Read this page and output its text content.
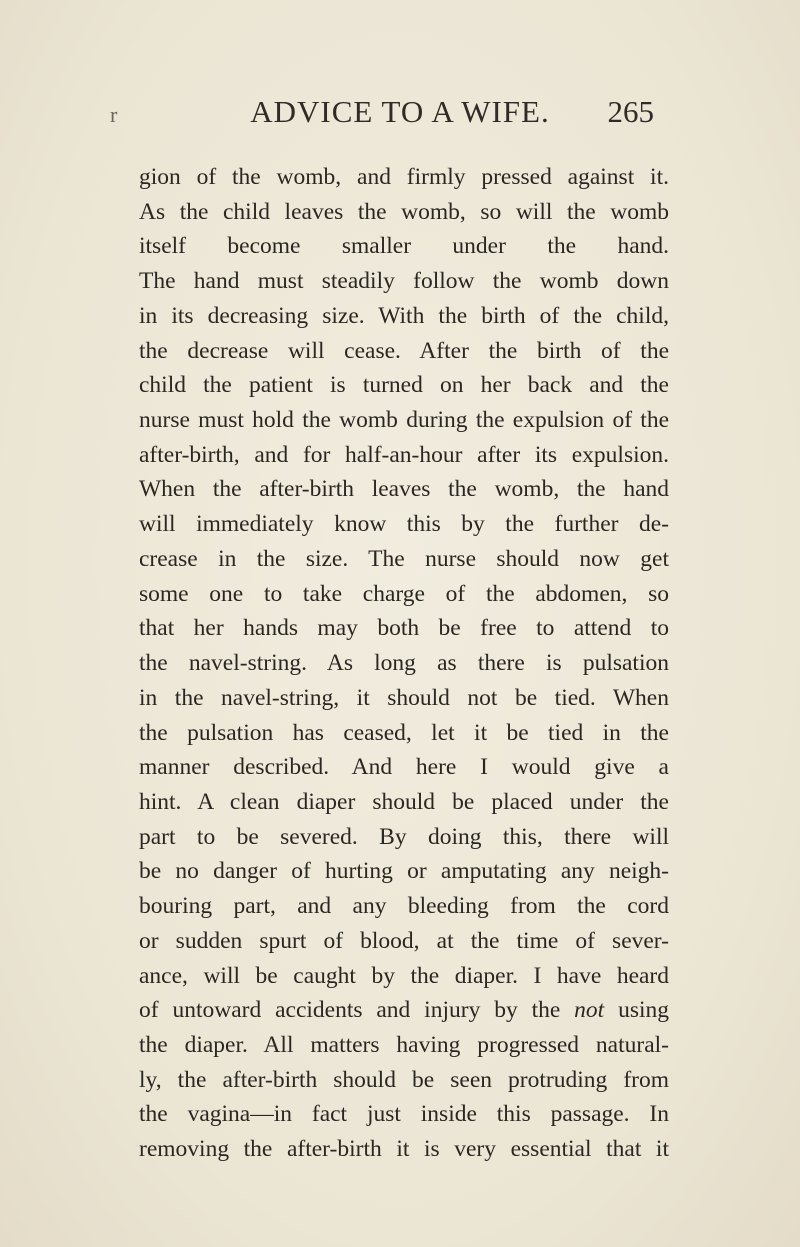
r	ADVICE TO A WIFE.	265
gion of the womb, and firmly pressed against it.
As the child leaves the womb, so will the womb
itself become smaller under the hand.
The hand must steadily follow the womb down
in its decreasing size. With the birth of the child,
the decrease will cease. After the birth of the
child the patient is turned on her back and the
nurse must hold the womb during the expulsion of the
after-birth, and for half-an-hour after its expulsion.
When the after-birth leaves the womb, the hand
will immediately know this by the further de-
crease in the size. The nurse should now get
some one to take charge of the abdomen, so
that her hands may both be free to attend to
the navel-string. As long as there is pulsation
in the navel-string, it should not be tied. When
the pulsation has ceased, let it be tied in the
manner described. And here I would give a
hint. A clean diaper should be placed under the
part to be severed. By doing this, there will
be no danger of hurting or amputating any neigh-
bouring part, and any bleeding from the cord
or sudden spurt of blood, at the time of sever-
ance, will be caught by the diaper. I have heard
of untoward accidents and injury by the not using
the diaper. All matters having progressed natural-
ly, the after-birth should be seen protruding from
the vagina—in fact just inside this passage. In
removing the after-birth it is very essential that it
